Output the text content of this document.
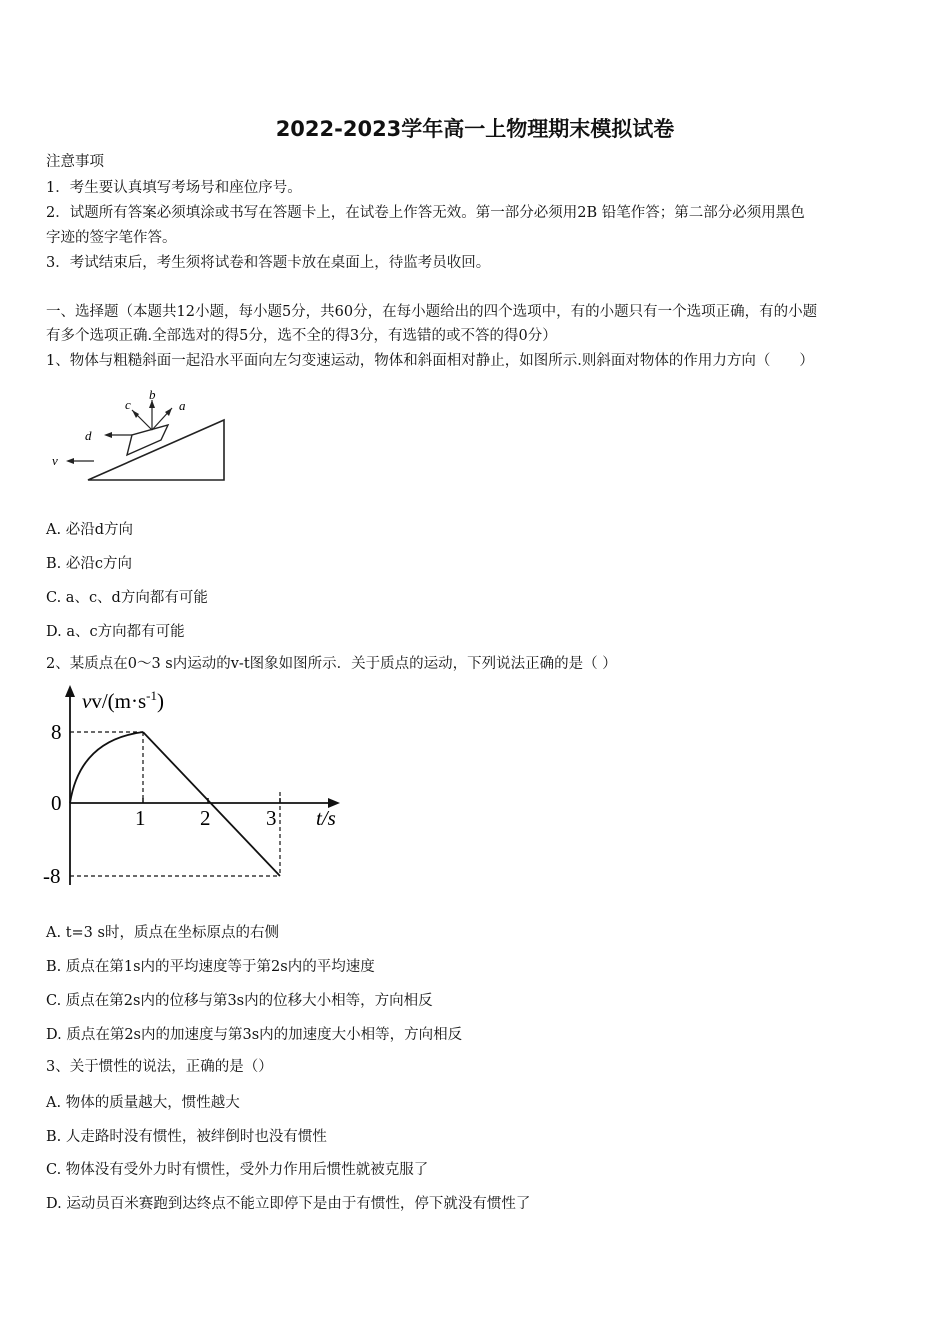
2022-2023学年高一上物理期末模拟试卷
注意事项
1．考生要认真填写考场号和座位序号。
2．试题所有答案必须填涂或书写在答题卡上，在试卷上作答无效。第一部分必须用2B 铅笔作答；第二部分必须用黑色
字迹的签字笔作答。
3．考试结束后，考生须将试卷和答题卡放在桌面上，待监考员收回。
一、选择题（本题共12小题，每小题5分，共60分，在每小题给出的四个选项中，有的小题只有一个选项正确，有的小题
有多个选项正确.全部选对的得5分，选不全的得3分，有选错的或不答的得0分）
1、物体与粗糙斜面一起沿水平面向左匀变速运动，物体和斜面相对静止，如图所示.则斜面对物体的作用力方向（　　）
c
b
a
d
v
A. 必沿d方向
B. 必沿c方向
C. a、c、d方向都有可能
D. a、c方向都有可能
2、某质点在0～3 s内运动的v-t图象如图所示．关于质点的运动，下列说法正确的是（ ）
$vv/(m\cdot s^{-1})$
t/s
8
0
-8
1	2	3
A. t=3 s时，质点在坐标原点的右侧
B. 质点在第1s内的平均速度等于第2s内的平均速度
C. 质点在第2s内的位移与第3s内的位移大小相等，方向相反
D. 质点在第2s内的加速度与第3s内的加速度大小相等，方向相反
3、关于惯性的说法，正确的是（）
A. 物体的质量越大，惯性越大
B. 人走路时没有惯性，被绊倒时也没有惯性
C. 物体没有受外力时有惯性，受外力作用后惯性就被克服了
D. 运动员百米赛跑到达终点不能立即停下是由于有惯性，停下就没有惯性了
